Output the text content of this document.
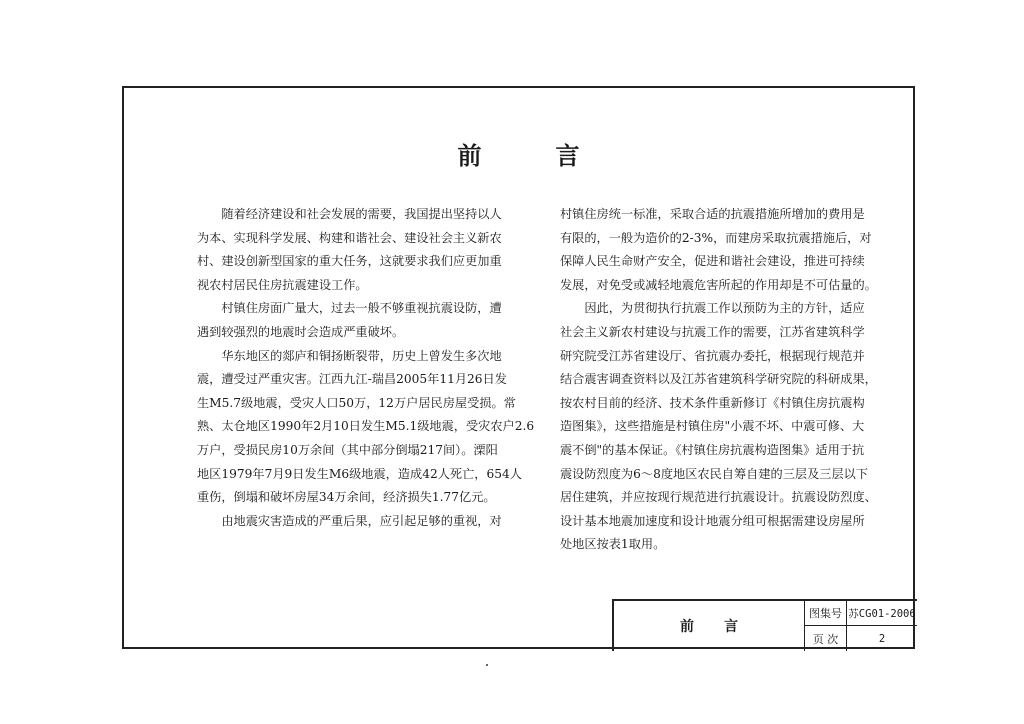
前言

　　随着经济建设和社会发展的需要，我国提出坚持以人

为本、实现科学发展、构建和谐社会、建设社会主义新农

村、建设创新型国家的重大任务，这就要求我们应更加重

视农村居民住房抗震建设工作。

　　村镇住房面广量大，过去一般不够重视抗震设防，遭

遇到较强烈的地震时会造成严重破坏。

　　华东地区的郯庐和铜扬断裂带，历史上曾发生多次地

震，遭受过严重灾害。江西九江-瑞昌2005年11月26日发

生M5.7级地震，受灾人口50万，12万户居民房屋受损。常

熟、太仓地区1990年2月10日发生M5.1级地震，受灾农户2.6

万户，受损民房10万余间（其中部分倒塌217间）。溧阳

地区1979年7月9日发生M6级地震，造成42人死亡，654人

重伤，倒塌和破坏房屋34万余间，经济损失1.77亿元。

　　由地震灾害造成的严重后果，应引起足够的重视，对

村镇住房统一标准，采取合适的抗震措施所增加的费用是

有限的，一般为造价的2-3%，而建房采取抗震措施后，对

保障人民生命财产安全，促进和谐社会建设，推进可持续

发展，对免受或减轻地震危害所起的作用却是不可估量的。

　　因此，为贯彻执行抗震工作以预防为主的方针，适应

社会主义新农村建设与抗震工作的需要，江苏省建筑科学

研究院受江苏省建设厅、省抗震办委托，根据现行规范并

结合震害调查资料以及江苏省建筑科学研究院的科研成果，

按农村目前的经济、技术条件重新修订《村镇住房抗震构

造图集》，这些措施是村镇住房"小震不坏、中震可修、大

震不倒"的基本保证。《村镇住房抗震构造图集》适用于抗

震设防烈度为6～8度地区农民自筹自建的三层及三层以下

居住建筑，并应按现行规范进行抗震设计。抗震设防烈度、

设计基本地震加速度和设计地震分组可根据需建设房屋所

处地区按表1取用。

前言
图集号 苏CG01-2006
页 次	2
